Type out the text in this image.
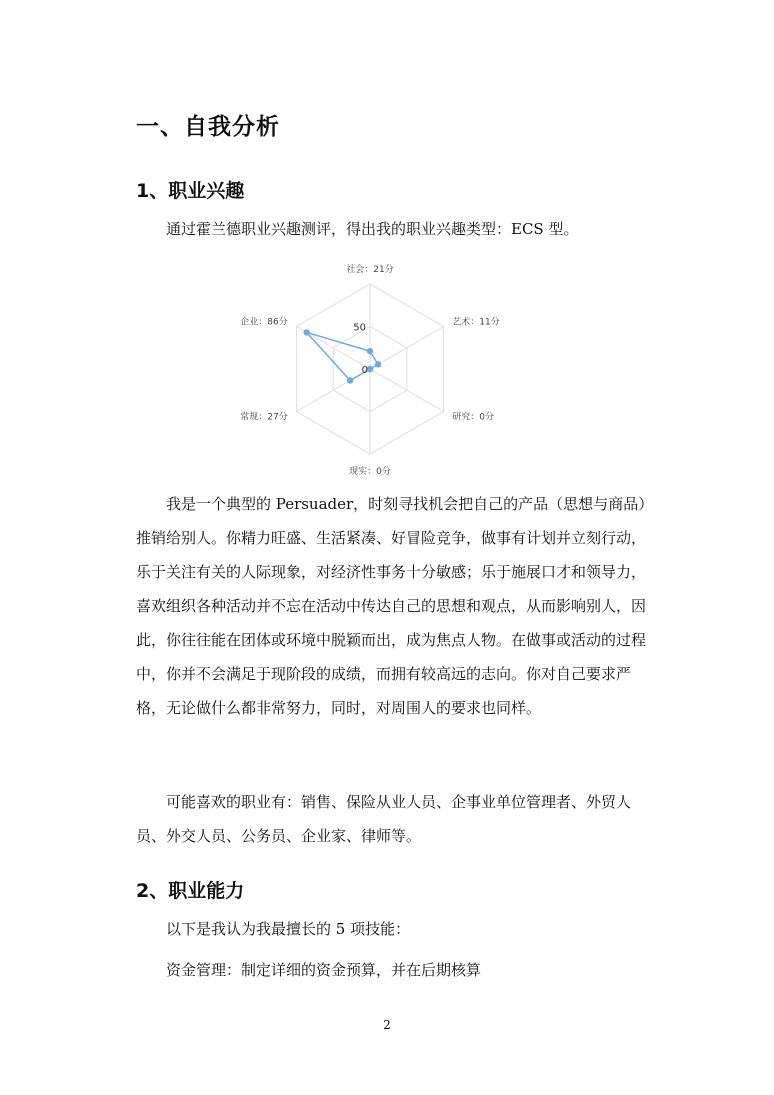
一、自我分析
1、职业兴趣

通过霍兰德职业兴趣测评，得出我的职业兴趣类型：ECS 型。

社会：21分
艺术：11分
研究：0分
现实：0分
常规：27分
企业：86分	50
0

我是一个典型的 Persuader，时刻寻找机会把自己的产品（思想与商品）推销给别人。你精力旺盛、生活紧凑、好冒险竞争，做事有计划并立刻行动，乐于关注有关的人际现象，对经济性事务十分敏感；乐于施展口才和领导力，喜欢组织各种活动并不忘在活动中传达自己的思想和观点，从而影响别人，因此，你往往能在团体或环境中脱颖而出，成为焦点人物。在做事或活动的过程中，你并不会满足于现阶段的成绩，而拥有较高远的志向。你对自己要求严格，无论做什么都非常努力，同时，对周围人的要求也同样。

可能喜欢的职业有：销售、保险从业人员、企事业单位管理者、外贸人员、外交人员、公务员、企业家、律师等。

2、职业能力

以下是我认为我最擅长的 5 项技能：

资金管理：制定详细的资金预算，并在后期核算

2
